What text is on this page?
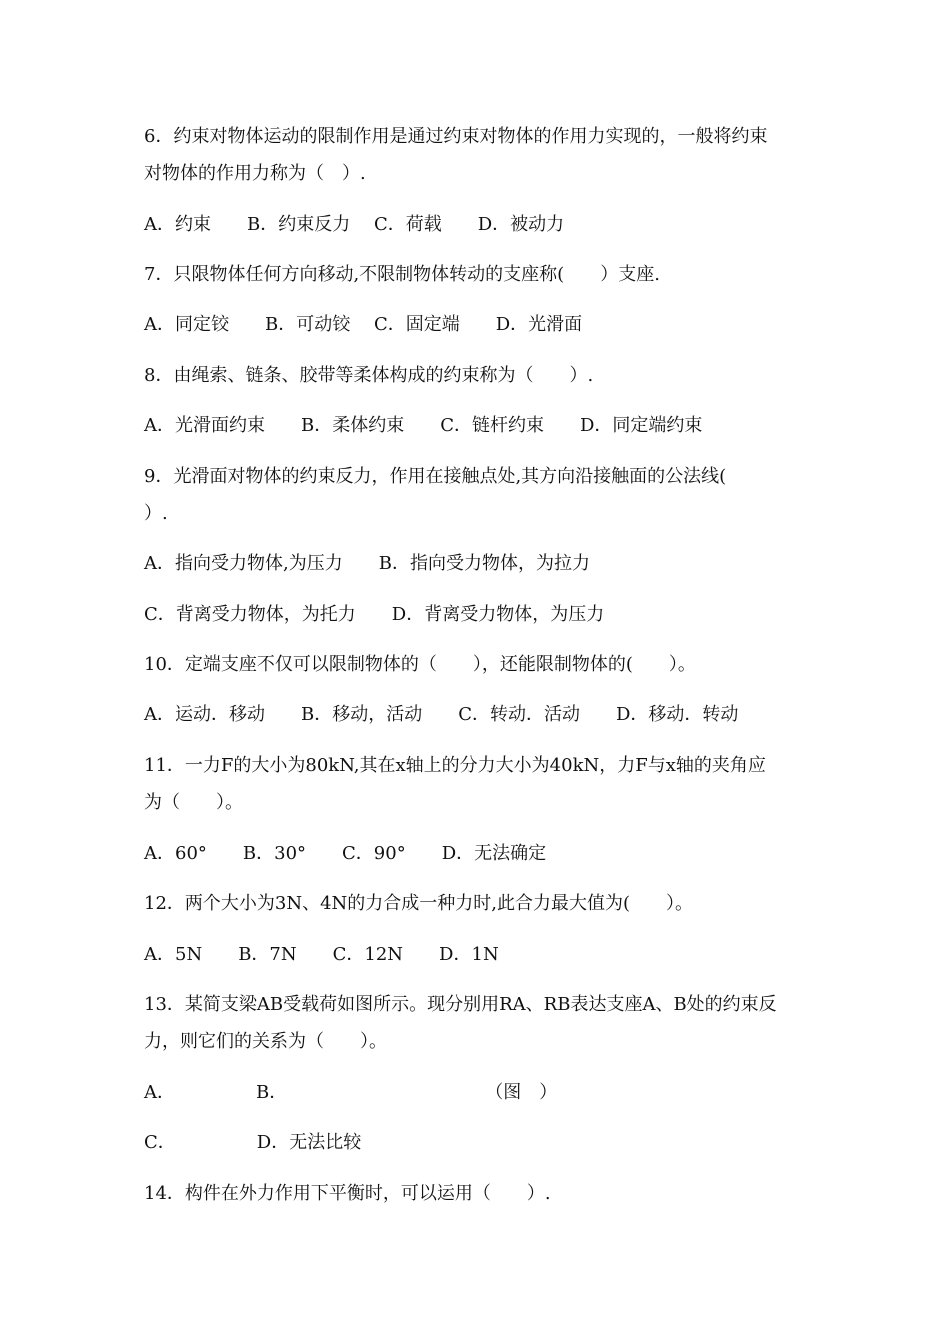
6．约束对物体运动的限制作用是通过约束对物体的作用力实现的，一般将约束
对物体的作用力称为（　）.
A．约束　　B．约束反力　 C．荷载　　D．被动力
7．只限物体任何方向移动,不限制物体转动的支座称(　　）支座.
A．同定铰　　B．可动铰　 C．固定端　　D．光滑面
8．由绳索、链条、胶带等柔体构成的约束称为（　　）.
A．光滑面约束　　B．柔体约束　　C．链杆约束　　D．同定端约束
9．光滑面对物体的约束反力，作用在接触点处,其方向沿接触面的公法线(
）.
A．指向受力物体,为压力　　B．指向受力物体，为拉力
C．背离受力物体，为托力　　D．背离受力物体，为压力
10．定端支座不仅可以限制物体的（　　），还能限制物体的(　　）。
A．运动．移动　　B．移动，活动　　C．转动．活动　　D．移动．转动
11．一力F的大小为80kN,其在x轴上的分力大小为40kN，力F与x轴的夹角应
为（　　）。
A．60°　　B．30°　　C．90°　　D．无法确定
12．两个大小为3N、4N的力合成一种力时,此合力最大值为(　　）。
A．5N　　B．7N　　C．12N　　D．1N
13．某简支梁AB受载荷如图所示。现分别用RA、RB表达支座A、B处的约束反
力，则它们的关系为（　　）。
A．　　　　　B．　　　　　　　　　　　　（图　）
C．　　　　　D．无法比较
14．构件在外力作用下平衡时，可以运用（　　）.
